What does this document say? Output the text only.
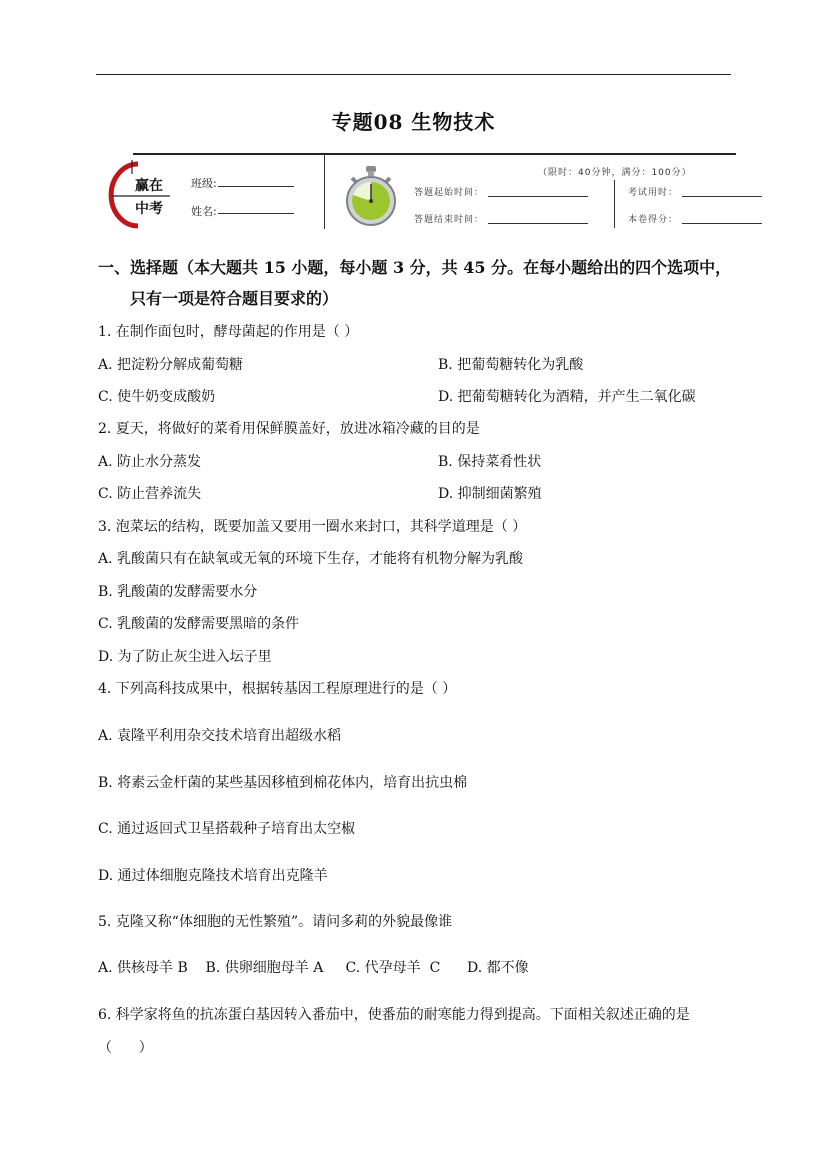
专题08 生物技术
赢在
中考
班级:
姓名:
（限时：40分钟，满分：100分）
答题起始时间：
答题结束时间：
考试用时：
本卷得分：
一、选择题（本大题共 15 小题，每小题 3 分，共 45 分。在每小题给出的四个选项中，
只有一项是符合题目要求的）
1. 在制作面包时，酵母菌起的作用是（ ）
A. 把淀粉分解成葡萄糖	B. 把葡萄糖转化为乳酸
C. 使牛奶变成酸奶	D. 把葡萄糖转化为酒精，并产生二氧化碳
2. 夏天，将做好的菜肴用保鲜膜盖好，放进冰箱冷藏的目的是
A. 防止水分蒸发	B. 保持菜肴性状
C. 防止营养流失	D. 抑制细菌繁殖
3. 泡菜坛的结构，既要加盖又要用一圈水来封口，其科学道理是（ ）
A. 乳酸菌只有在缺氧或无氧的环境下生存，才能将有机物分解为乳酸
B. 乳酸菌的发酵需要水分
C. 乳酸菌的发酵需要黑暗的条件
D. 为了防止灰尘进入坛子里
4. 下列高科技成果中，根据转基因工程原理进行的是（ ）
A. 袁隆平利用杂交技术培育出超级水稻
B. 将素云金杆菌的某些基因移植到棉花体内，培育出抗虫棉
C. 通过返回式卫星搭载种子培育出太空椒
D. 通过体细胞克隆技术培育出克隆羊
5. 克隆又称“体细胞的无性繁殖”。请问多莉的外貌最像谁
A. 供核母羊 B    B. 供卵细胞母羊 A     C. 代孕母羊  C      D. 都不像
6. 科学家将鱼的抗冻蛋白基因转入番茄中，使番茄的耐寒能力得到提高。下面相关叙述正确的是
（      ）
